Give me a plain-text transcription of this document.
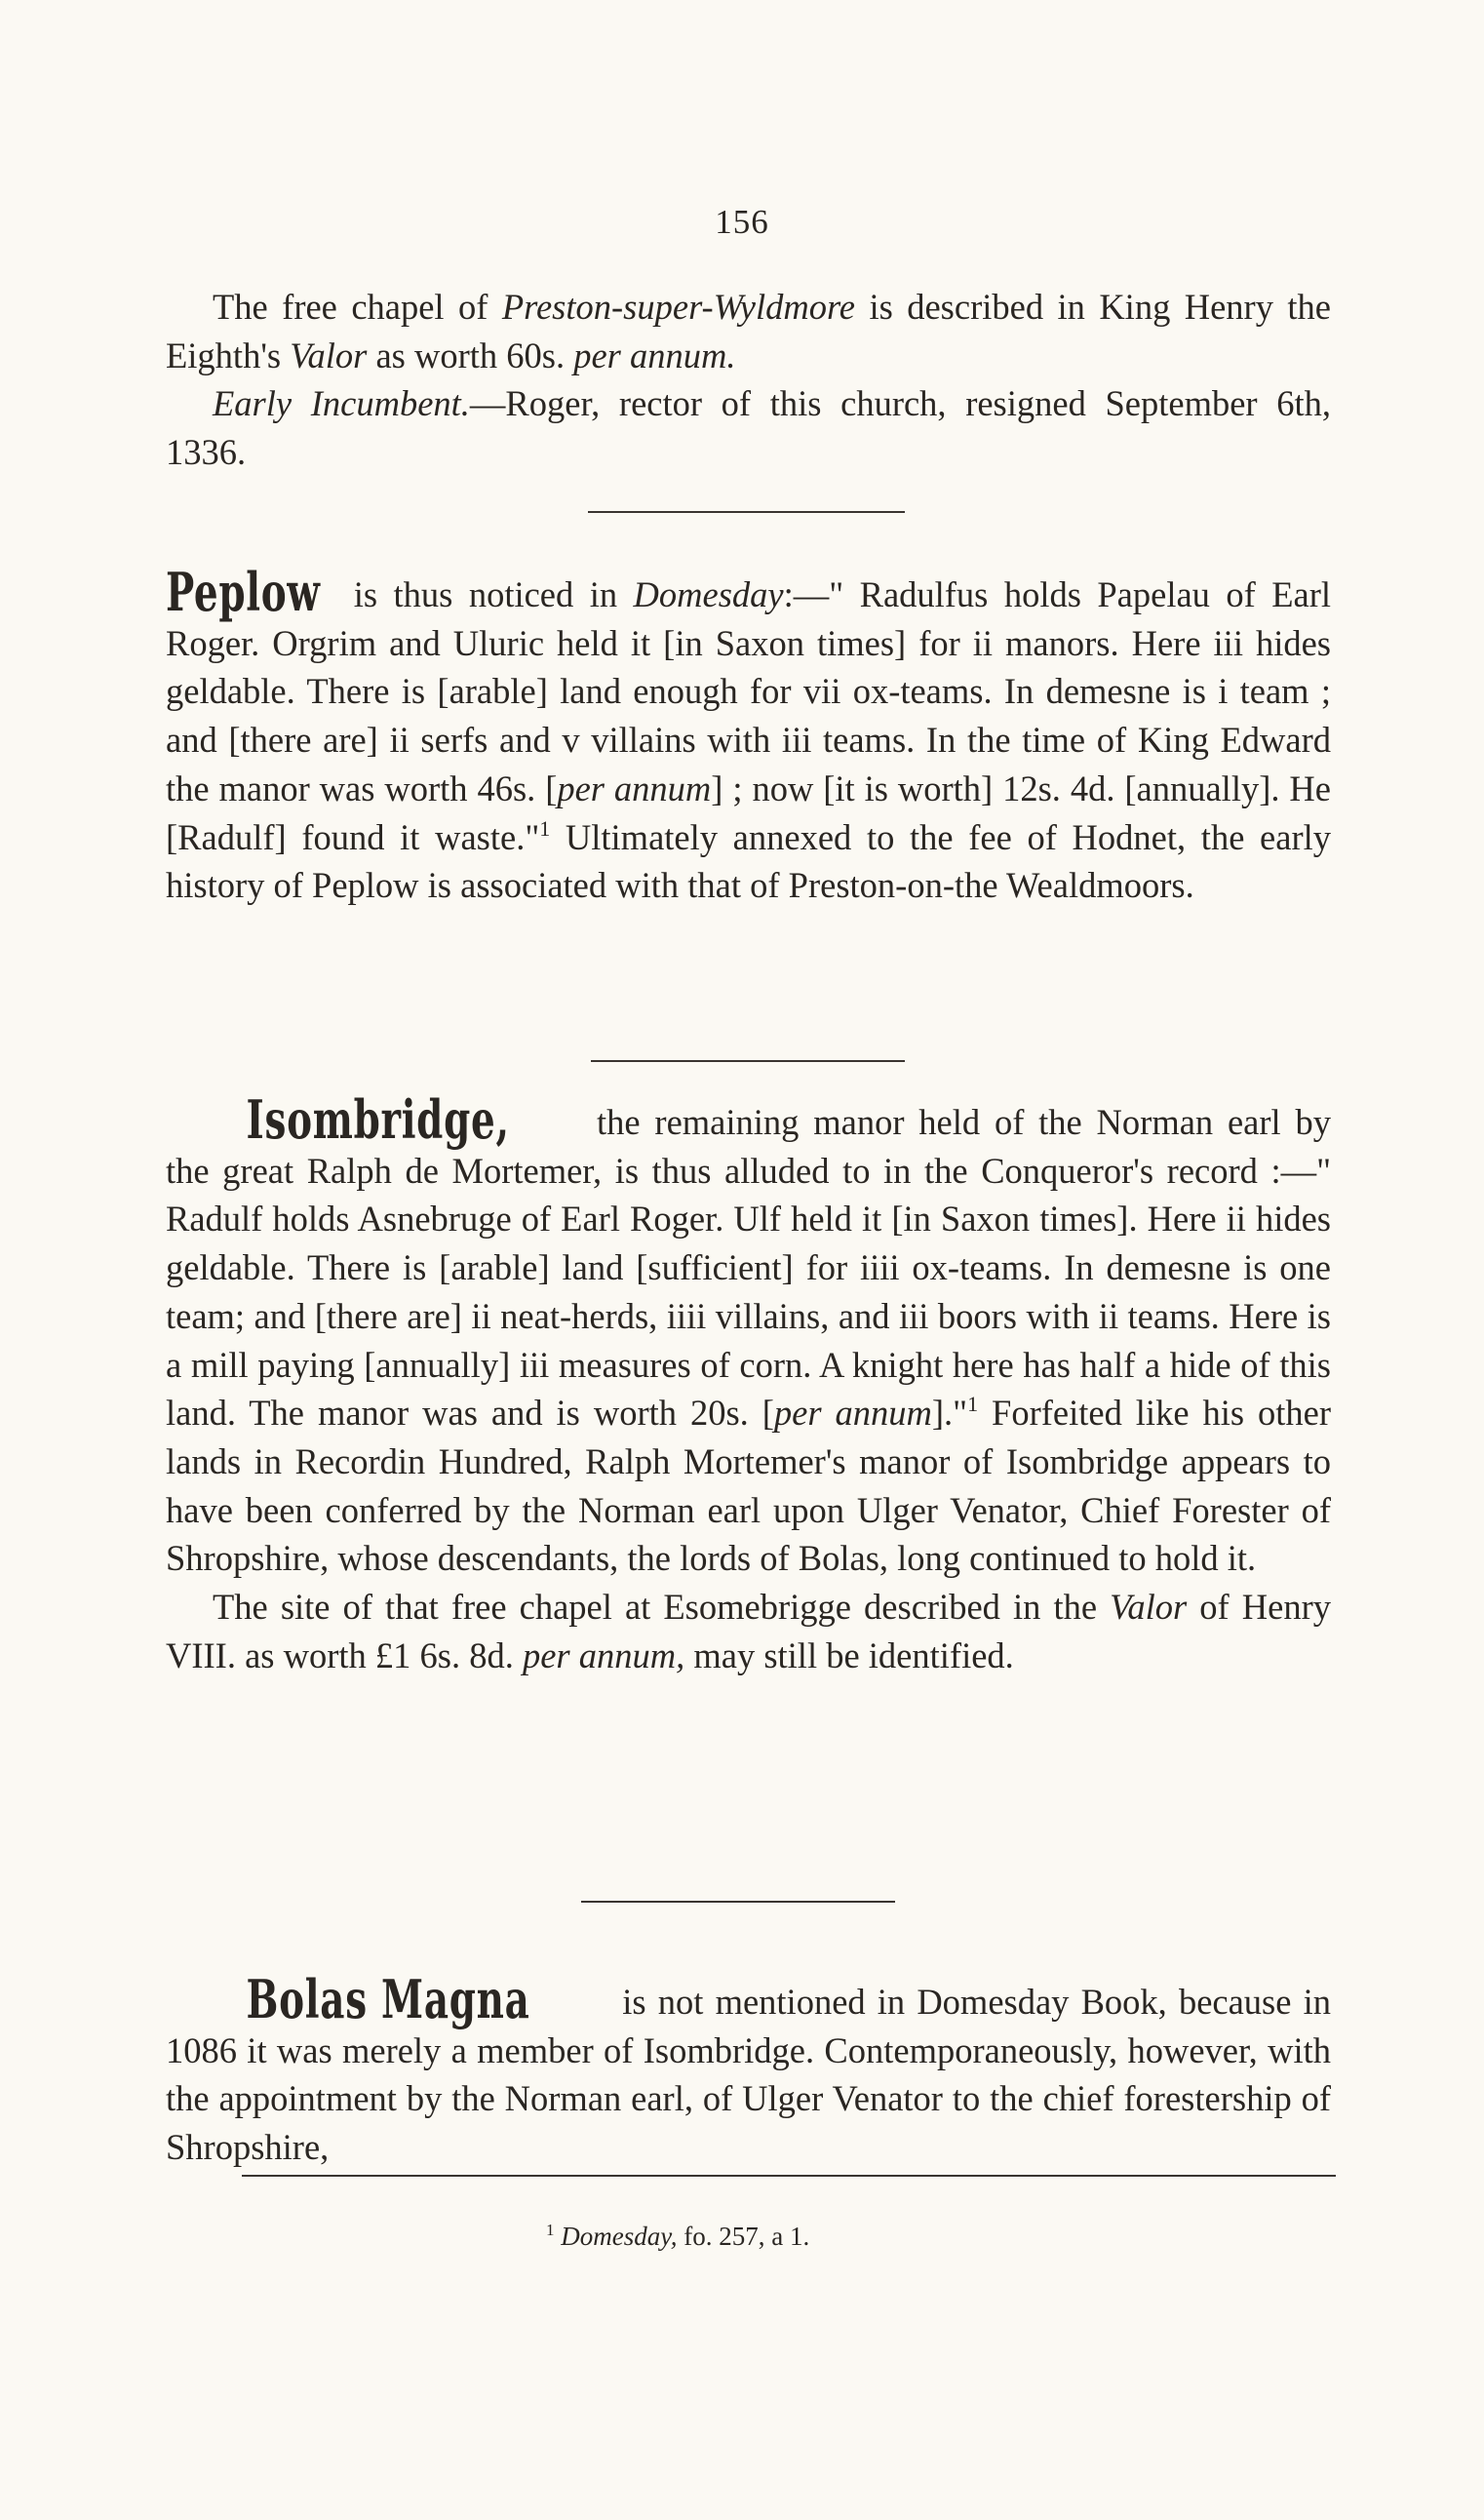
156

The free chapel of Preston-super-Wyldmore is described in King Henry the Eighth's Valor as worth 60s. per annum.

Early Incumbent.—Roger, rector of this church, resigned September 6th, 1336.

Peplow is thus noticed in Domesday:—" Radulfus holds Papelau of Earl Roger. Orgrim and Uluric held it [in Saxon times] for ii manors. Here iii hides geldable. There is [arable] land enough for vii ox-teams. In demesne is i team ; and [there are] ii serfs and v villains with iii teams. In the time of King Edward the manor was worth 46s. [per annum] ; now [it is worth] 12s. 4d. [annually]. He [Radulf] found it waste."$^1$ Ultimately annexed to the fee of Hodnet, the early history of Peplow is associated with that of Preston-on-the Wealdmoors.

Isombridge, the remaining manor held of the Norman earl by the great Ralph de Mortemer, is thus alluded to in the Conqueror's record :—" Radulf holds Asnebruge of Earl Roger. Ulf held it [in Saxon times]. Here ii hides geldable. There is [arable] land [sufficient] for iiii ox-teams. In demesne is one team; and [there are] ii neat-herds, iiii villains, and iii boors with ii teams. Here is a mill paying [annually] iii measures of corn. A knight here has half a hide of this land. The manor was and is worth 20s. [per annum]."$^1$ Forfeited like his other lands in Recordin Hundred, Ralph Mortemer's manor of Isombridge appears to have been conferred by the Norman earl upon Ulger Venator, Chief Forester of Shropshire, whose descendants, the lords of Bolas, long continued to hold it.

The site of that free chapel at Esomebrigge described in the Valor of Henry VIII. as worth £1 6s. 8d. per annum, may still be identified.

Bolas Magna is not mentioned in Domesday Book, because in 1086 it was merely a member of Isombridge. Contemporaneously, however, with the appointment by the Norman earl, of Ulger Venator to the chief forestership of Shropshire,

$^1$ Domesday, fo. 257, a 1.
